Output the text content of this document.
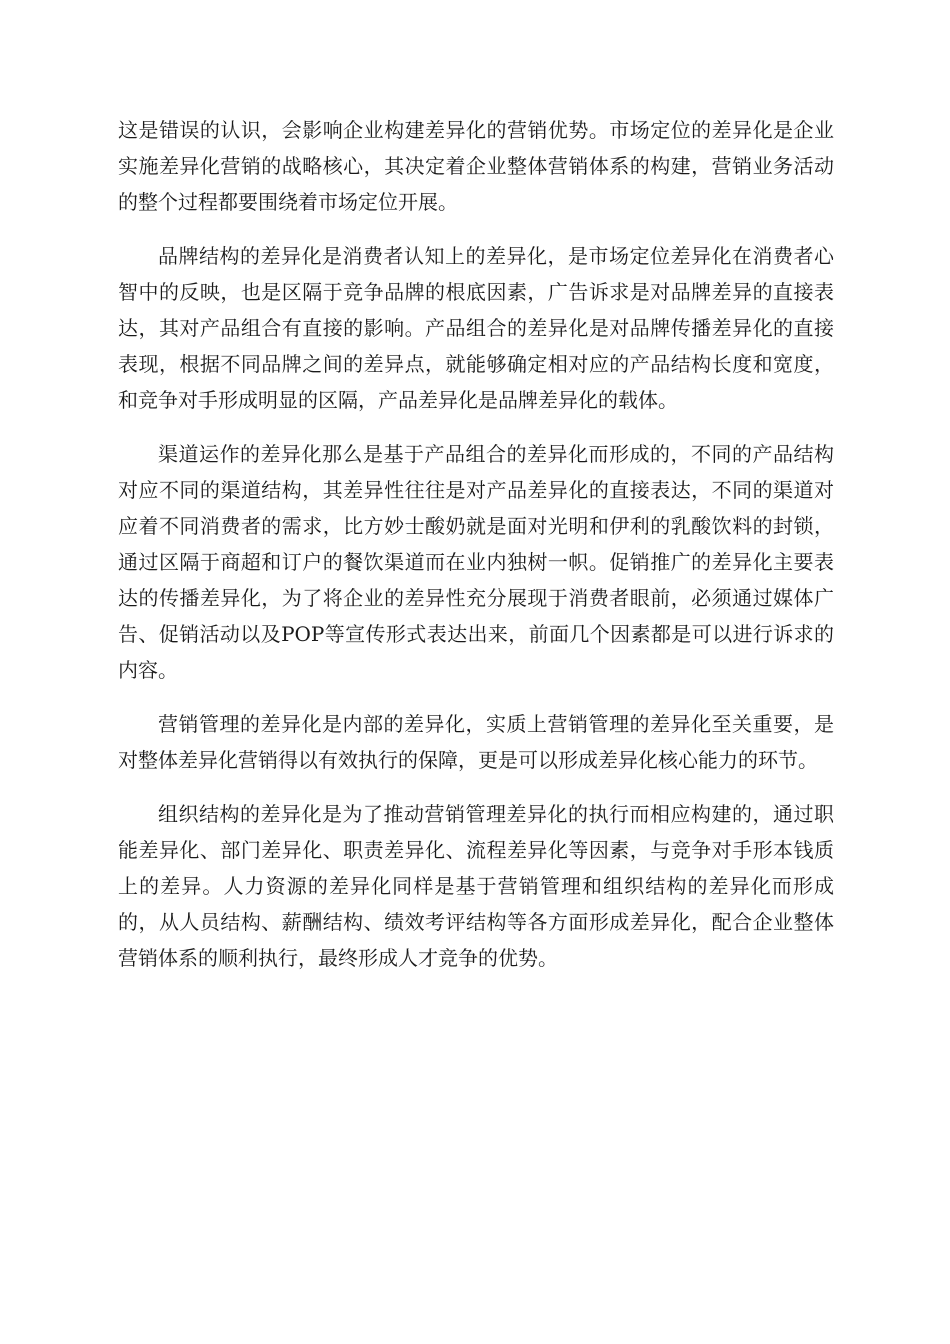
这是错误的认识，会影响企业构建差异化的营销优势。市场定位的差异化是企业实施差异化营销的战略核心，其决定着企业整体营销体系的构建，营销业务活动的整个过程都要围绕着市场定位开展。

品牌结构的差异化是消费者认知上的差异化，是市场定位差异化在消费者心智中的反映，也是区隔于竞争品牌的根底因素，广告诉求是对品牌差异的直接表达，其对产品组合有直接的影响。产品组合的差异化是对品牌传播差异化的直接表现，根据不同品牌之间的差异点，就能够确定相对应的产品结构长度和宽度，和竞争对手形成明显的区隔，产品差异化是品牌差异化的载体。

渠道运作的差异化那么是基于产品组合的差异化而形成的，不同的产品结构对应不同的渠道结构，其差异性往往是对产品差异化的直接表达，不同的渠道对应着不同消费者的需求，比方妙士酸奶就是面对光明和伊利的乳酸饮料的封锁，通过区隔于商超和订户的餐饮渠道而在业内独树一帜。促销推广的差异化主要表达的传播差异化，为了将企业的差异性充分展现于消费者眼前，必须通过媒体广告、促销活动以及POP等宣传形式表达出来，前面几个因素都是可以进行诉求的内容。

营销管理的差异化是内部的差异化，实质上营销管理的差异化至关重要，是对整体差异化营销得以有效执行的保障，更是可以形成差异化核心能力的环节。

组织结构的差异化是为了推动营销管理差异化的执行而相应构建的，通过职能差异化、部门差异化、职责差异化、流程差异化等因素，与竞争对手形本钱质上的差异。人力资源的差异化同样是基于营销管理和组织结构的差异化而形成的，从人员结构、薪酬结构、绩效考评结构等各方面形成差异化，配合企业整体营销体系的顺利执行，最终形成人才竞争的优势。
